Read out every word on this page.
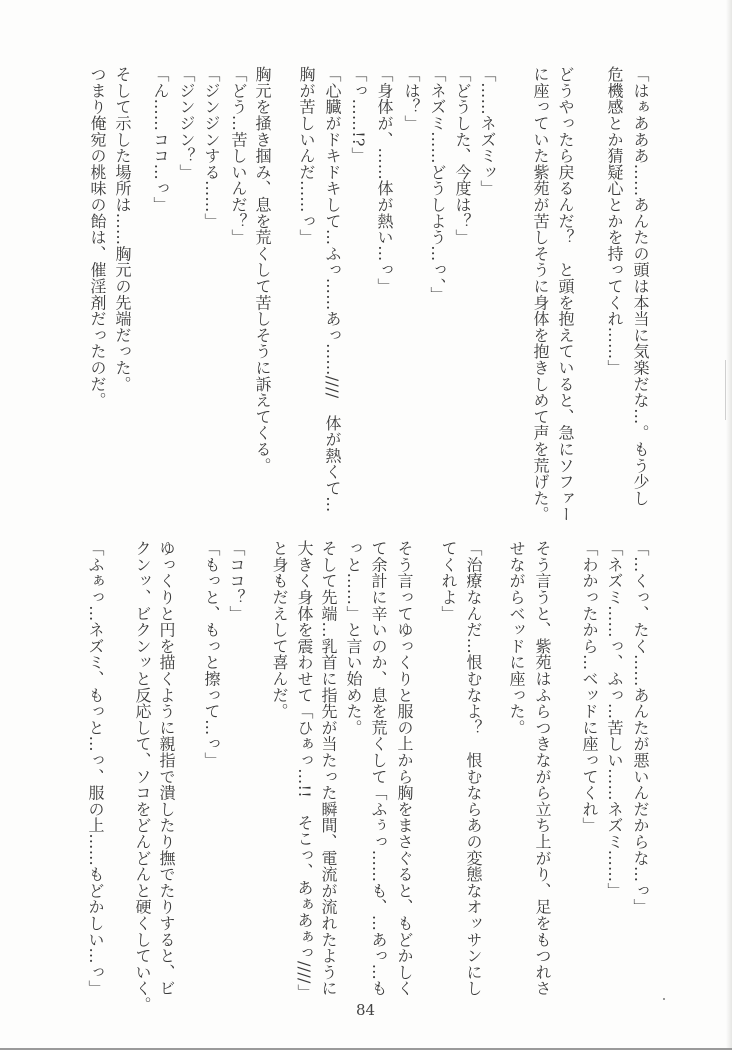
「はぁあああ……あんたの頭は本当に気楽だな…。もう少し
危機感とか猜疑心とかを持ってくれ……」
どうやったら戻るんだ？　と頭を抱えていると、急にソファー
に座っていた紫苑が苦しそうに身体を抱きしめて声を荒げた。
「……ネズミッ」
「どうした、今度は？」
「ネズミ……どうしよう…っ、」
「は？」
「身体が、……体が熱い…っ」
「っ……!?」
「心臓がドキドキして…ふっ……あっ……////　体が熱くて…
胸が苦しいんだ……っ」
胸元を掻き掴み、息を荒くして苦しそうに訴えてくる。
「どう…苦しいんだ？」
「ジンジンする……」
「ジンジン？」
「ん……ココ…っ」
そして示した場所は……胸元の先端だった。
つまり俺宛の桃味の飴は、催淫剤だったのだ。
「…くっ、たく……あんたが悪いんだからな…っ」
「ネズミ……っ、ふっ…苦しい……ネズミ……」
「わかったから…ベッドに座ってくれ」
そう言うと、紫苑はふらつきながら立ち上がり、足をもつれさ
せながらベッドに座った。
「治療なんだ…恨むなよ？　恨むならあの変態なオッサンにし
てくれよ」
そう言ってゆっくりと服の上から胸をまさぐると、もどかしく
て余計に辛いのか、息を荒くして「ふぅっ……も、…あっ…も
っと……」と言い始めた。
そして先端…乳首に指先が当たった瞬間、電流が流れたように
大きく身体を震わせて「ひぁっ…!!　そこっ、あぁあぁっ////」
と身もだえして喜んだ。
「ココ？」
「もっと、もっと擦って…っ」
ゆっくりと円を描くように親指で潰したり撫でたりすると、ビ
クンッ、ビクンッと反応して、ソコをどんどんと硬くしていく。
「ふぁっ…ネズミ、もっと…っ、服の上……もどかしい…っ」
84
